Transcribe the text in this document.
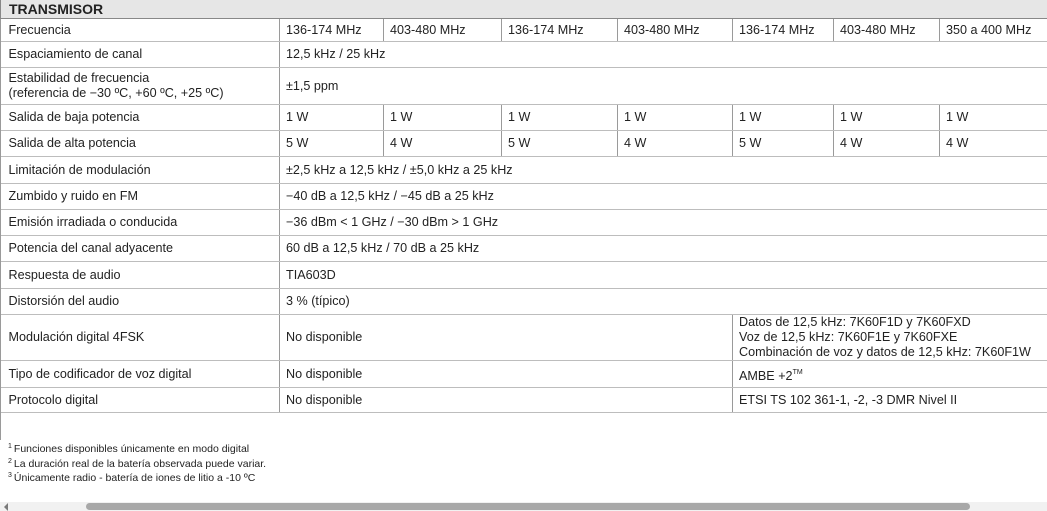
TRANSMISOR							
Frecuencia	136-174 MHz	403-480 MHz	136-174 MHz	403-480 MHz	136-174 MHz	403-480 MHz	350 a 400 MHz
Espaciamiento de canal	12,5 kHz / 25 kHz						

Estabilidad de frecuencia
(referencia de −30 ºC, +60 ºC, +25 ºC)	±1,5 ppm						
Salida de baja potencia	1 W	1 W	1 W	1 W	1 W	1 W	1 W
Salida de alta potencia	5 W	4 W	5 W	4 W	5 W	4 W	4 W
Limitación de modulación	±2,5 kHz a 12,5 kHz / ±5,0 kHz a 25 kHz						
Zumbido y ruido en FM	−40 dB a 12,5 kHz / −45 dB a 25 kHz						
Emisión irradiada o conducida	−36 dBm < 1 GHz / −30 dBm > 1 GHz						
Potencia del canal adyacente	60 dB a 12,5 kHz / 70 dB a 25 kHz						
Respuesta de audio	TIA603D						
Distorsión del audio	3 % (típico)						
Modulación digital 4FSK	No disponible				Datos de 12,5 kHz: 7K60F1D y 7K60FXD
Voz de 12,5 kHz: 7K60F1E y 7K60FXE
Combinación de voz y datos de 12,5 kHz: 7K60F1W		

Tipo de codificador de voz digital	No disponible				AMBE +2™
Protocolo digital	No disponible				ETSI TS 102 361-1, -2, -3 DMR Nivel II		
$^1$ Funciones disponibles únicamente en modo digital
$^2$ La duración real de la batería observada puede variar.
$^3$ Únicamente radio - batería de iones de litio a -10 ºC
